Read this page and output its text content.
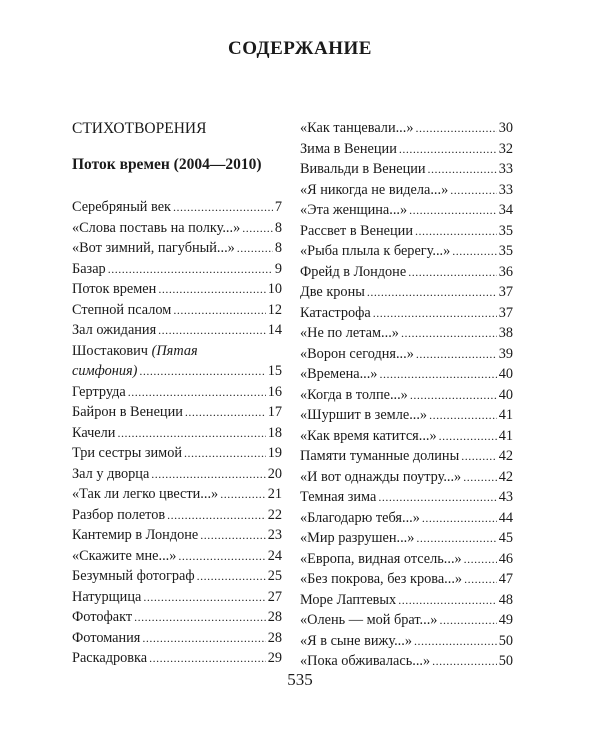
СОДЕРЖАНИЕ
СТИХОТВОРЕНИЯ
Поток времен (2004—2010)
Серебряный век .....	7
«Слова поставь на полку...» ..... 8
«Вот зимний, пагубный...» .....	8
Базар .....	9
Поток времен .....	10
Степной псалом .....	12
Зал ожидания .....	14
Шостакович (Пятая
симфония) .....	15
Гертруда .....	16
Байрон в Венеции .....	17
Качели .....	18
Три сестры зимой .....	19
Зал у дворца .....	20
«Так ли легко цвести...» .....	21
Разбор полетов .....	22
Кантемир в Лондоне .....	23
«Скажите мне...» .....	24
Безумный фотограф .....	25
Натурщица .....	27
Фотофакт .....	28
Фотомания .....	28
Раскадровка .....	29
«Как танцевали...» .....	30
Зима в Венеции .....	32
Вивальди в Венеции .....	33
«Я никогда не видела...» .....	33
«Эта женщина...» .....	34
Рассвет в Венеции .....	35
«Рыба плыла к берегу...» .....	35
Фрейд в Лондоне .....	36
Две кроны .....	37
Катастрофа .....	37
«Не по летам...» .....	38
«Ворон сегодня...» .....	39
«Времена...» .....	40
«Когда в толпе...» .....	40
«Шуршит в земле...» .....	41
«Как время катится...» .....	41
Памяти туманные долины .....	42
«И вот однажды поутру...» .....	42
Темная зима .....	43
«Благодарю тебя...» .....	44
«Мир разрушен...» .....	45
«Европа, видная отсель...» .....	46
«Без покрова, без крова...» .....	47
Море Лаптевых .....	48
«Олень — мой брат...» .....	49
«Я в сыне вижу...» .....	50
«Пока обживалась...» .....	50
535
